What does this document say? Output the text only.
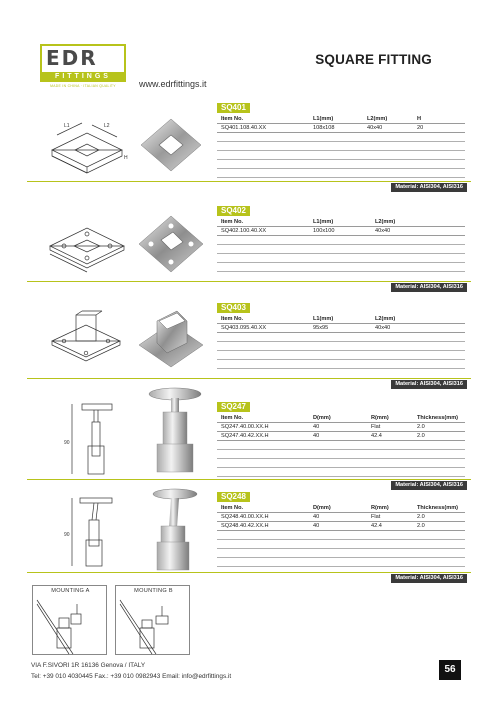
EDR
FITTINGS
MADE IN CHINA · ITALIAN QUALITY	www.edrfittings.it
SQUARE FITTING
Material: AISI304, AISI316
L1	L2
H
SQ401
Item No.	L1(mm)	L2(mm)	H
SQ401.108.40.XX	108x108	40x40	20
Material: AISI304, AISI316
SQ402
Item No.	L1(mm)	L2(mm)
SQ402.100.40.XX	100x100	40x40
Material: AISI304, AISI316
SQ403
Item No.	L1(mm)	L2(mm)
SQ403.095.40.XX	95x95	40x40
Material: AISI304, AISI316
90
SQ247
Item No.	D(mm)	R(mm)	Thickness(mm)
SQ247.40.00.XX.H	40	Flat	2.0
SQ247.40.42.XX.H	40	42.4	2.0
Material: AISI304, AISI316
90
SQ248
Item No.	D(mm)	R(mm)	Thickness(mm)
SQ248.40.00.XX.H	40	Flat	2.0
SQ248.40.42.XX.H	40	42.4	2.0
MOUNTING A	MOUNTING B
VIA F.SIVORI 1R 16136 Genova / ITALY
Tel: +39 010 4030445 Fax.: +39 010 0982943 Email: info@edrfittings.it
56
